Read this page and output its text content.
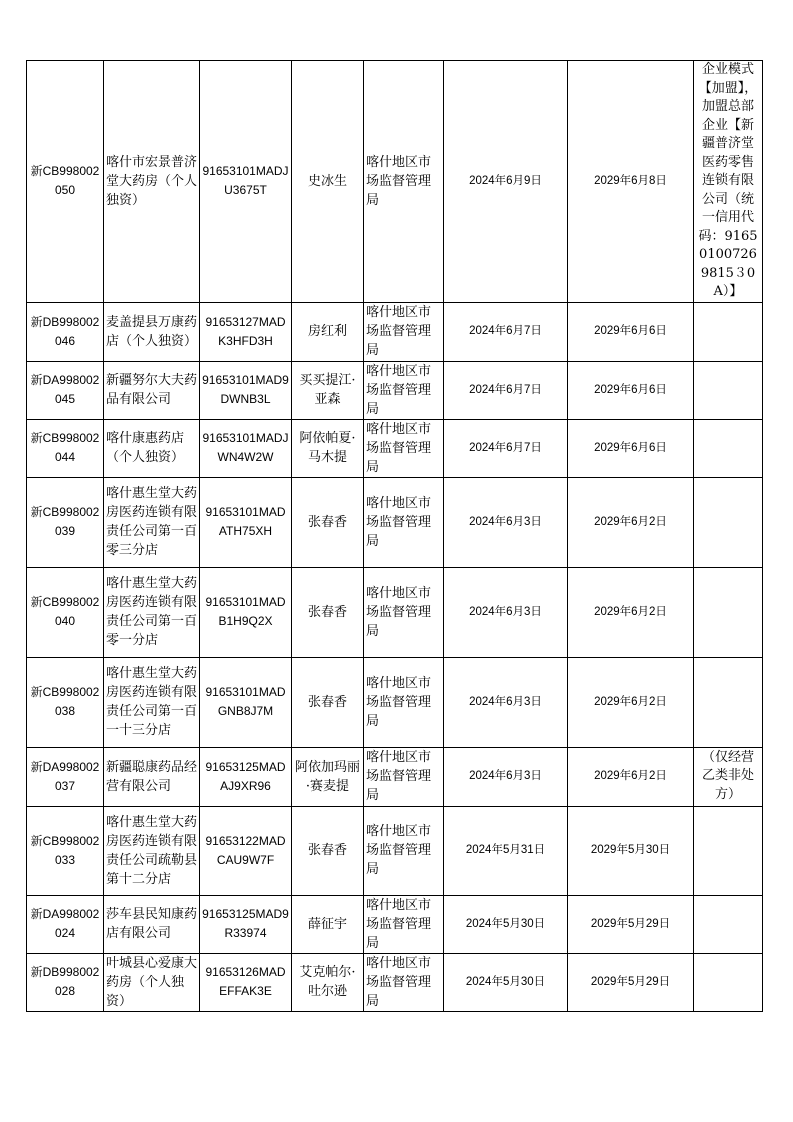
新CB998002050	喀什市宏景普济堂大药房（个人独资）	91653101MADJU3675T	史冰生	喀什地区市场监督管理局	2024年6月9日	2029年6月8日	企业模式【加盟】，加盟总部企业【新疆普济堂医药零售连锁有限公司（统一信用代码：916501007269815３0A）】
新DB998002046	麦盖提县万康药店（个人独资）	91653127MADK3HFD3H	房红利	喀什地区市场监督管理局	2024年6月7日	2029年6月6日	
新DA998002045	新疆努尔大夫药品有限公司	91653101MAD9DWNB3L	买买提江·亚森	喀什地区市场监督管理局	2024年6月7日	2029年6月6日	
新CB998002044	喀什康惠药店（个人独资）	91653101MADJWN4W2W	阿依帕夏·马木提	喀什地区市场监督管理局	2024年6月7日	2029年6月6日	
新CB998002039	喀什惠生堂大药房医药连锁有限责任公司第一百零三分店	91653101MADATH75XH	张春香	喀什地区市场监督管理局	2024年6月3日	2029年6月2日	
新CB998002040	喀什惠生堂大药房医药连锁有限责任公司第一百零一分店	91653101MADB1H9Q2X	张春香	喀什地区市场监督管理局	2024年6月3日	2029年6月2日	
新CB998002038	喀什惠生堂大药房医药连锁有限责任公司第一百一十三分店	91653101MADGNB8J7M	张春香	喀什地区市场监督管理局	2024年6月3日	2029年6月2日	
新DA998002037	新疆聪康药品经营有限公司	91653125MADAJ9XR96	阿依加玛丽·赛麦提	喀什地区市场监督管理局	2024年6月3日	2029年6月2日	（仅经营乙类非处方）
新CB998002033	喀什惠生堂大药房医药连锁有限责任公司疏勒县第十二分店	91653122MADCAU9W7F	张春香	喀什地区市场监督管理局	2024年5月31日	2029年5月30日	
新DA998002024	莎车县民知康药店有限公司	91653125MAD9R33974	薛征宇	喀什地区市场监督管理局	2024年5月30日	2029年5月29日	
新DB998002028	叶城县心爱康大药房（个人独资）	91653126MADEFFAK3E	艾克帕尔·吐尔逊	喀什地区市场监督管理局	2024年5月30日	2029年5月29日	
